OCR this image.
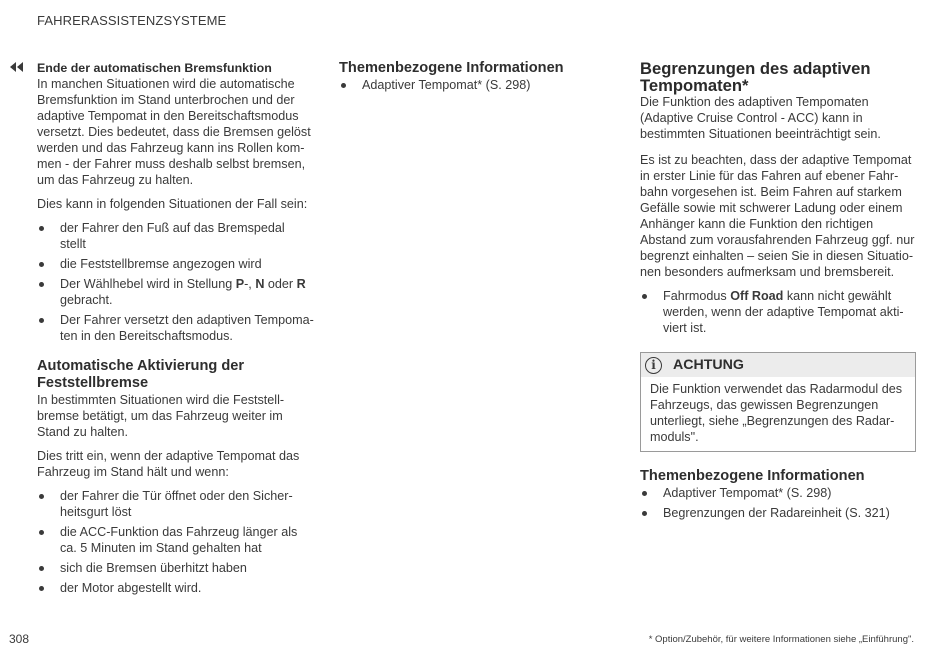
FAHRERASSISTENZSYSTEME
Ende der automatischen Bremsfunktion

In manchen Situationen wird die automatische
Bremsfunktion im Stand unterbrochen und der
adaptive Tempomat in den Bereitschaftsmodus
versetzt. Dies bedeutet, dass die Bremsen gelöst
werden und das Fahrzeug kann ins Rollen kom-
men - der Fahrer muss deshalb selbst bremsen,
um das Fahrzeug zu halten.

Dies kann in folgenden Situationen der Fall sein:

der Fahrer den Fuß auf das Bremspedal
stellt
die Feststellbremse angezogen wird
Der Wählhebel wird in Stellung P-, N oder R
gebracht.
Der Fahrer versetzt den adaptiven Tempoma-
ten in den Bereitschaftsmodus.
Automatische Aktivierung der
Feststellbremse

In bestimmten Situationen wird die Feststell-
bremse betätigt, um das Fahrzeug weiter im
Stand zu halten.

Dies tritt ein, wenn der adaptive Tempomat das
Fahrzeug im Stand hält und wenn:

der Fahrer die Tür öffnet oder den Sicher-
heitsgurt löst
die ACC-Funktion das Fahrzeug länger als
ca. 5 Minuten im Stand gehalten hat
sich die Bremsen überhitzt haben
der Motor abgestellt wird.
Themenbezogene Informationen
Adaptiver Tempomat* (S. 298)
Begrenzungen des adaptiven
Tempomaten*

Die Funktion des adaptiven Tempomaten
(Adaptive Cruise Control - ACC) kann in
bestimmten Situationen beeinträchtigt sein.

Es ist zu beachten, dass der adaptive Tempomat
in erster Linie für das Fahren auf ebener Fahr-
bahn vorgesehen ist. Beim Fahren auf starkem
Gefälle sowie mit schwerer Ladung oder einem
Anhänger kann die Funktion den richtigen
Abstand zum vorausfahrenden Fahrzeug ggf. nur
begrenzt einhalten – seien Sie in diesen Situatio-
nen besonders aufmerksam und bremsbereit.

Fahrmodus Off Road kann nicht gewählt
werden, wenn der adaptive Tempomat akti-
viert ist.
i	ACHTUNG
Die Funktion verwendet das Radarmodul des
Fahrzeugs, das gewissen Begrenzungen
unterliegt, siehe „Begrenzungen des Radar-
moduls".
Themenbezogene Informationen
Adaptiver Tempomat* (S. 298)
Begrenzungen der Radareinheit (S. 321)
308	* Option/Zubehör, für weitere Informationen siehe „Einführung".
